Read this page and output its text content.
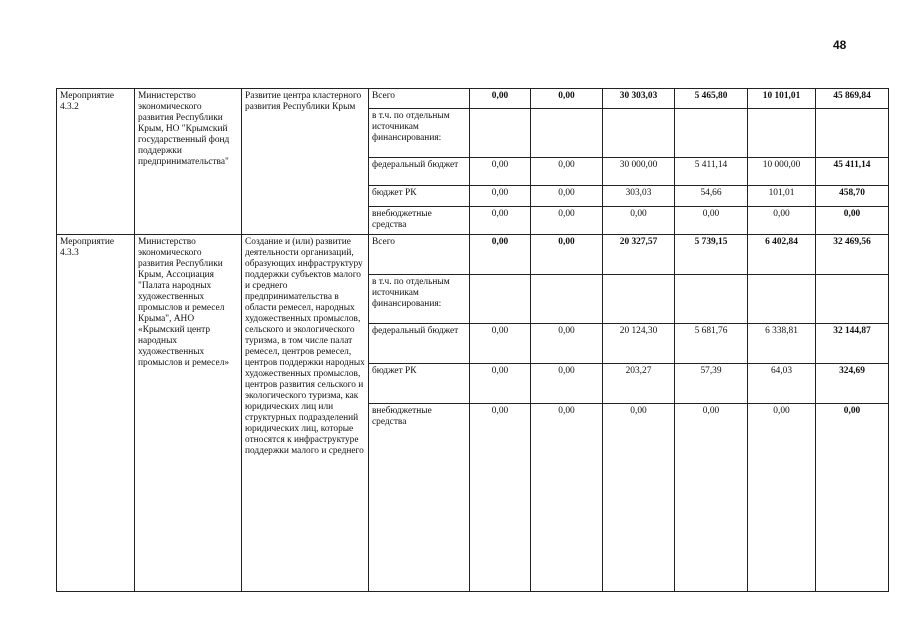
48
Мероприятие 4.3.2	Министерство экономического развития Республики Крым, НО "Крымский государственный фонд поддержки предпринимательства"	Развитие центра кластерного развития Республики Крым	Всего	0,00	0,00	30 303,03	5 465,80	10 101,01	45 869,84
			в т.ч. по отдельным источникам финансирования:						
			федеральный бюджет	0,00	0,00	30 000,00	5 411,14	10 000,00	45 411,14
			бюджет РК	0,00	0,00	303,03	54,66	101,01	458,70
			внебюджетные средства	0,00	0,00	0,00	0,00	0,00	0,00
Мероприятие 4.3.3	Министерство экономического развития Республики Крым, Ассоциация "Палата народных художественных промыслов и ремесел Крыма", АНО «Крымский центр народных художественных промыслов и ремесел»	Создание и (или) развитие деятельности организаций, образующих инфраструктуру поддержки субъектов малого и среднего предпринимательства в области ремесел, народных художественных промыслов, сельского и экологического туризма, в том числе палат ремесел, центров ремесел, центров поддержки народных художественных промыслов, центров развития сельского и экологического туризма, как юридических лиц или структурных подразделений юридических лиц, которые относятся к инфраструктуре поддержки малого и среднего	Всего	0,00	0,00	20 327,57	5 739,15	6 402,84	32 469,56
			в т.ч. по отдельным источникам финансирования:						
			федеральный бюджет	0,00	0,00	20 124,30	5 681,76	6 338,81	32 144,87
			бюджет РК	0,00	0,00	203,27	57,39	64,03	324,69
			внебюджетные средства	0,00	0,00	0,00	0,00	0,00	0,00
